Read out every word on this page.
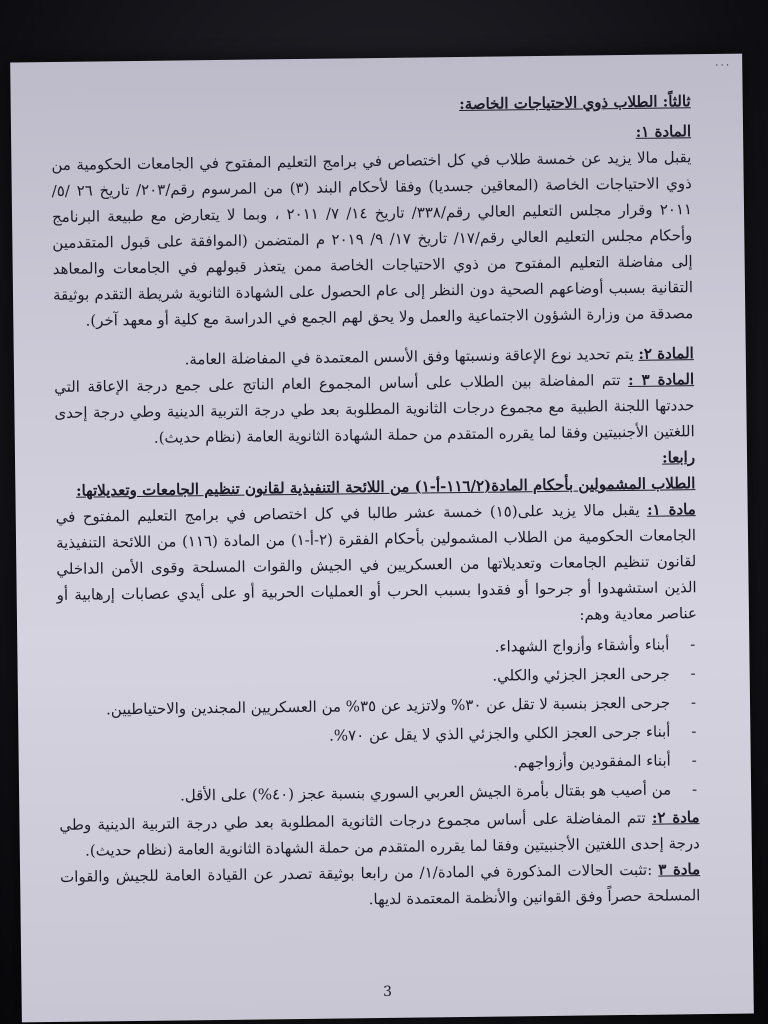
٠٠٠

ثالثاً: الطلاب ذوي الاحتياجات الخاصة:

المادة ١:
يقبل مالا يزيد عن خمسة طلاب في كل اختصاص في برامج التعليم المفتوح في الجامعات الحكومية من ذوي الاحتياجات الخاصة (المعاقين جسديا) وفقا لأحكام البند (٣) من المرسوم رقم/٢٠٣/ تاريخ ٢٦ /٥/ ٢٠١١ وقرار مجلس التعليم العالي رقم/٣٣٨/ تاريخ ١٤/ ٧/ ٢٠١١ ، وبما لا يتعارض مع طبيعة البرنامج وأحكام مجلس التعليم العالي رقم/١٧/ تاريخ ١٧/ ٩/ ٢٠١٩ م المتضمن (الموافقة على قبول المتقدمين إلى مفاضلة التعليم المفتوح من ذوي الاحتياجات الخاصة ممن يتعذر قبولهم في الجامعات والمعاهد التقانية بسبب أوضاعهم الصحية دون النظر إلى عام الحصول على الشهادة الثانوية شريطة التقدم بوثيقة مصدقة من وزارة الشؤون الاجتماعية والعمل ولا يحق لهم الجمع في الدراسة مع كلية أو معهد آخر).

المادة ٢: يتم تحديد نوع الإعاقة ونسبتها وفق الأسس المعتمدة في المفاضلة العامة.

المادة ٣ : تتم المفاضلة بين الطلاب على أساس المجموع العام الناتج على جمع درجة الإعاقة التي حددتها اللجنة الطبية مع مجموع درجات الثانوية المطلوبة بعد طي درجة التربية الدينية وطي درجة إحدى اللغتين الأجنبيتين وفقا لما يقرره المتقدم من حملة الشهادة الثانوية العامة (نظام حديث).

رابعا:

الطلاب المشمولين بأحكام المادة(١١٦/٢-أ-١) من اللائحة التنفيذية لقانون تنظيم الجامعات وتعديلاتها:

مادة ١: يقبل مالا يزيد على(١٥) خمسة عشر طالبا في كل اختصاص في برامج التعليم المفتوح في الجامعات الحكومية من الطلاب المشمولين بأحكام الفقرة (٢-أ-١) من المادة (١١٦) من اللائحة التنفيذية لقانون تنظيم الجامعات وتعديلاتها من العسكريين في الجيش والقوات المسلحة وقوى الأمن الداخلي الذين استشهدوا أو جرحوا أو فقدوا بسبب الحرب أو العمليات الحربية أو على أيدي عصابات إرهابية أو عناصر معادية وهم:

-
أبناء وأشقاء وأزواج الشهداء.
-
جرحى العجز الجزئي والكلي.
-
جرحى العجز بنسبة لا تقل عن ٣٠% ولاتزيد عن ٣٥% من العسكريين المجندين والاحتياطيين.
-
أبناء جرحى العجز الكلي والجزئي الذي لا يقل عن ٧٠%.
-
أبناء المفقودين وأزواجهم.
-
من أصيب هو بقتال بأمرة الجيش العربي السوري بنسبة عجز (٤٠%) على الأقل.

مادة ٢: تتم المفاضلة على أساس مجموع درجات الثانوية المطلوبة بعد طي درجة التربية الدينية وطي درجة إحدى اللغتين الأجنبيتين وفقا لما يقرره المتقدم من حملة الشهادة الثانوية العامة (نظام حديث).

مادة ٣ :تثبت الحالات المذكورة في المادة/١/ من رابعا بوثيقة تصدر عن القيادة العامة للجيش والقوات المسلحة حصراً وفق القوانين والأنظمة المعتمدة لديها.

3
